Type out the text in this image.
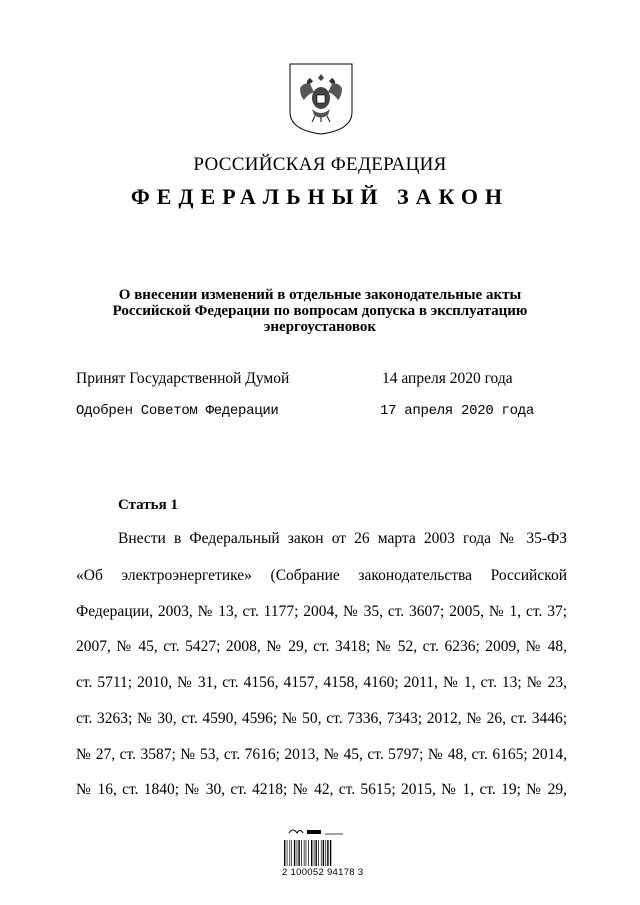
РОССИЙСКАЯ ФЕДЕРАЦИЯ
ФЕДЕРАЛЬНЫЙ ЗАКОН
О внесении изменений в отдельные законодательные акты
Российской Федерации по вопросам допуска в эксплуатацию
энергоустановок
Принят Государственной Думой	14 апреля 2020 года
Одобрен Советом Федерации	17 апреля 2020 года
Статья 1
Внести в Федеральный закон от 26 марта 2003 года № 35-ФЗ
«Об электроэнергетике» (Собрание законодательства Российской
Федерации, 2003, № 13, ст. 1177; 2004, № 35, ст. 3607; 2005, № 1, ст. 37;
2007, № 45, ст. 5427; 2008, № 29, ст. 3418; № 52, ст. 6236; 2009, № 48,
ст. 5711; 2010, № 31, ст. 4156, 4157, 4158, 4160; 2011, № 1, ст. 13; № 23,
ст. 3263; № 30, ст. 4590, 4596; № 50, ст. 7336, 7343; 2012, № 26, ст. 3446;
№ 27, ст. 3587; № 53, ст. 7616; 2013, № 45, ст. 5797; № 48, ст. 6165; 2014,
№ 16, ст. 1840; № 30, ст. 4218; № 42, ст. 5615; 2015, № 1, ст. 19; № 29,
2 100052 94178 3
